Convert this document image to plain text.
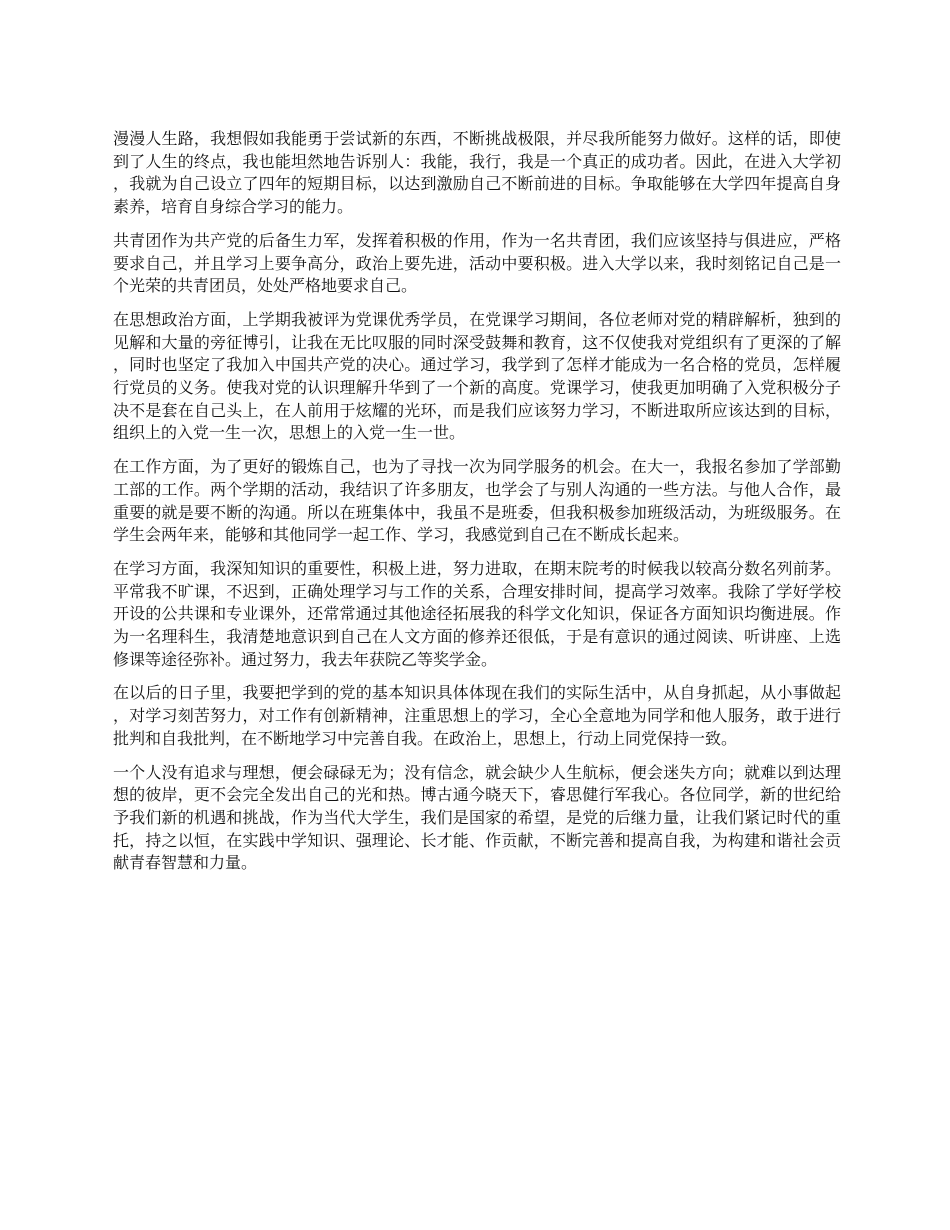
漫漫人生路，我想假如我能勇于尝试新的东西，不断挑战极限，并尽我所能努力做好。这样的话，即使到了人生的终点，我也能坦然地告诉别人：我能，我行，我是一个真正的成功者。因此，在进入大学初，我就为自己设立了四年的短期目标，以达到激励自己不断前进的目标。争取能够在大学四年提高自身素养，培育自身综合学习的能力。

共青团作为共产党的后备生力军，发挥着积极的作用，作为一名共青团，我们应该坚持与俱进应，严格要求自己，并且学习上要争高分，政治上要先进，活动中要积极。进入大学以来，我时刻铭记自己是一个光荣的共青团员，处处严格地要求自己。

在思想政治方面，上学期我被评为党课优秀学员，在党课学习期间，各位老师对党的精辟解析，独到的见解和大量的旁征博引，让我在无比叹服的同时深受鼓舞和教育，这不仅使我对党组织有了更深的了解，同时也坚定了我加入中国共产党的决心。通过学习，我学到了怎样才能成为一名合格的党员，怎样履行党员的义务。使我对党的认识理解升华到了一个新的高度。党课学习，使我更加明确了入党积极分子决不是套在自己头上，在人前用于炫耀的光环，而是我们应该努力学习，不断进取所应该达到的目标，组织上的入党一生一次，思想上的入党一生一世。

在工作方面，为了更好的锻炼自己，也为了寻找一次为同学服务的机会。在大一，我报名参加了学部勤工部的工作。两个学期的活动，我结识了许多朋友，也学会了与别人沟通的一些方法。与他人合作，最重要的就是要不断的沟通。所以在班集体中，我虽不是班委，但我积极参加班级活动，为班级服务。在学生会两年来，能够和其他同学一起工作、学习，我感觉到自己在不断成长起来。

在学习方面，我深知知识的重要性，积极上进，努力进取，在期末院考的时候我以较高分数名列前茅。平常我不旷课，不迟到，正确处理学习与工作的关系，合理安排时间，提高学习效率。我除了学好学校开设的公共课和专业课外，还常常通过其他途径拓展我的科学文化知识，保证各方面知识均衡进展。作为一名理科生，我清楚地意识到自己在人文方面的修养还很低，于是有意识的通过阅读、听讲座、上选修课等途径弥补。通过努力，我去年获院乙等奖学金。

在以后的日子里，我要把学到的党的基本知识具体体现在我们的实际生活中，从自身抓起，从小事做起，对学习刻苦努力，对工作有创新精神，注重思想上的学习，全心全意地为同学和他人服务，敢于进行批判和自我批判，在不断地学习中完善自我。在政治上，思想上，行动上同党保持一致。

一个人没有追求与理想，便会碌碌无为；没有信念，就会缺少人生航标，便会迷失方向；就难以到达理想的彼岸，更不会完全发出自己的光和热。博古通今晓天下，睿思健行军我心。各位同学，新的世纪给予我们新的机遇和挑战，作为当代大学生，我们是国家的希望，是党的后继力量，让我们紧记时代的重托，持之以恒，在实践中学知识、强理论、长才能、作贡献，不断完善和提高自我，为构建和谐社会贡献青春智慧和力量。
